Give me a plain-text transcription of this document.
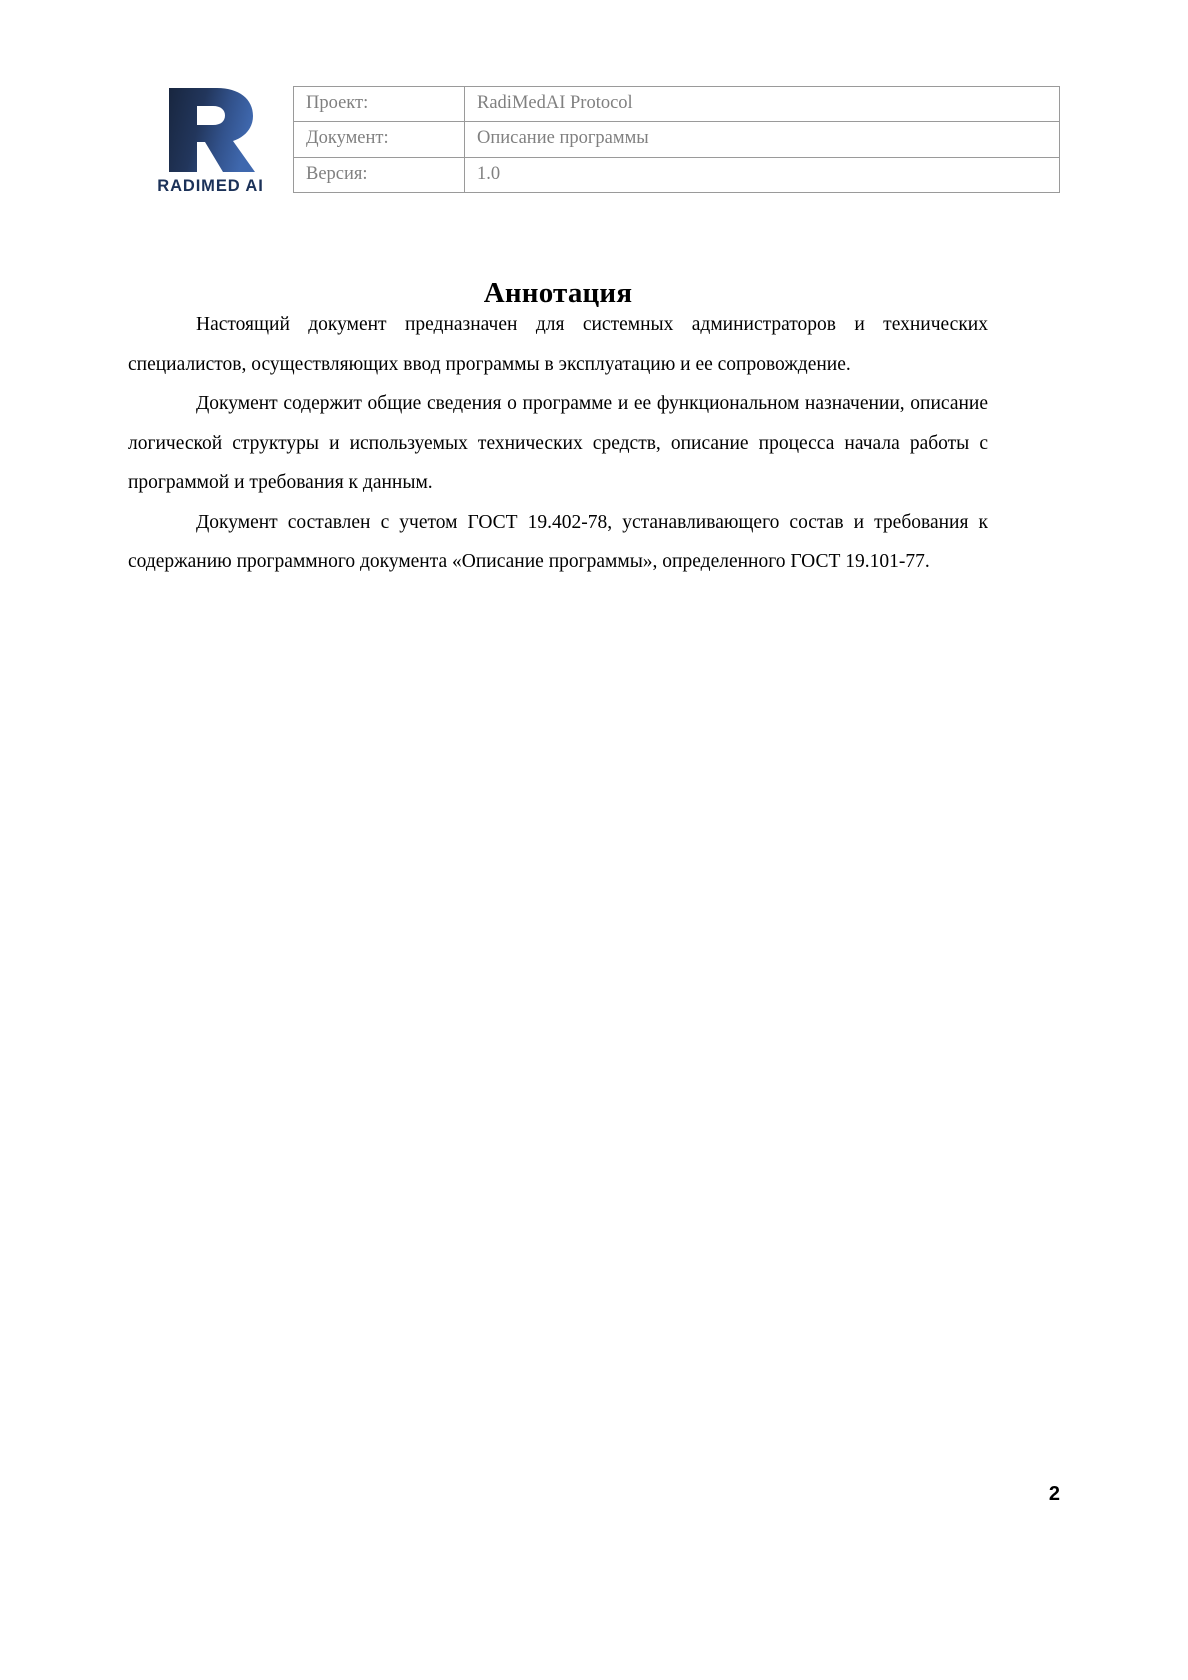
RADIMED AI
Проект:	RadiMedAI Protocol
Документ:	Описание программы
Версия:	1.0
Аннотация

Настоящий документ предназначен для системных администраторов и технических специалистов, осуществляющих ввод программы в эксплуатацию и ее сопровождение.

Документ содержит общие сведения о программе и ее функциональном назначении, описание логической структуры и используемых технических средств, описание процесса начала работы с программой и требования к данным.

Документ составлен с учетом ГОСТ 19.402-78, устанавливающего состав и требования к содержанию программного документа «Описание программы», определенного ГОСТ 19.101-77.

2
